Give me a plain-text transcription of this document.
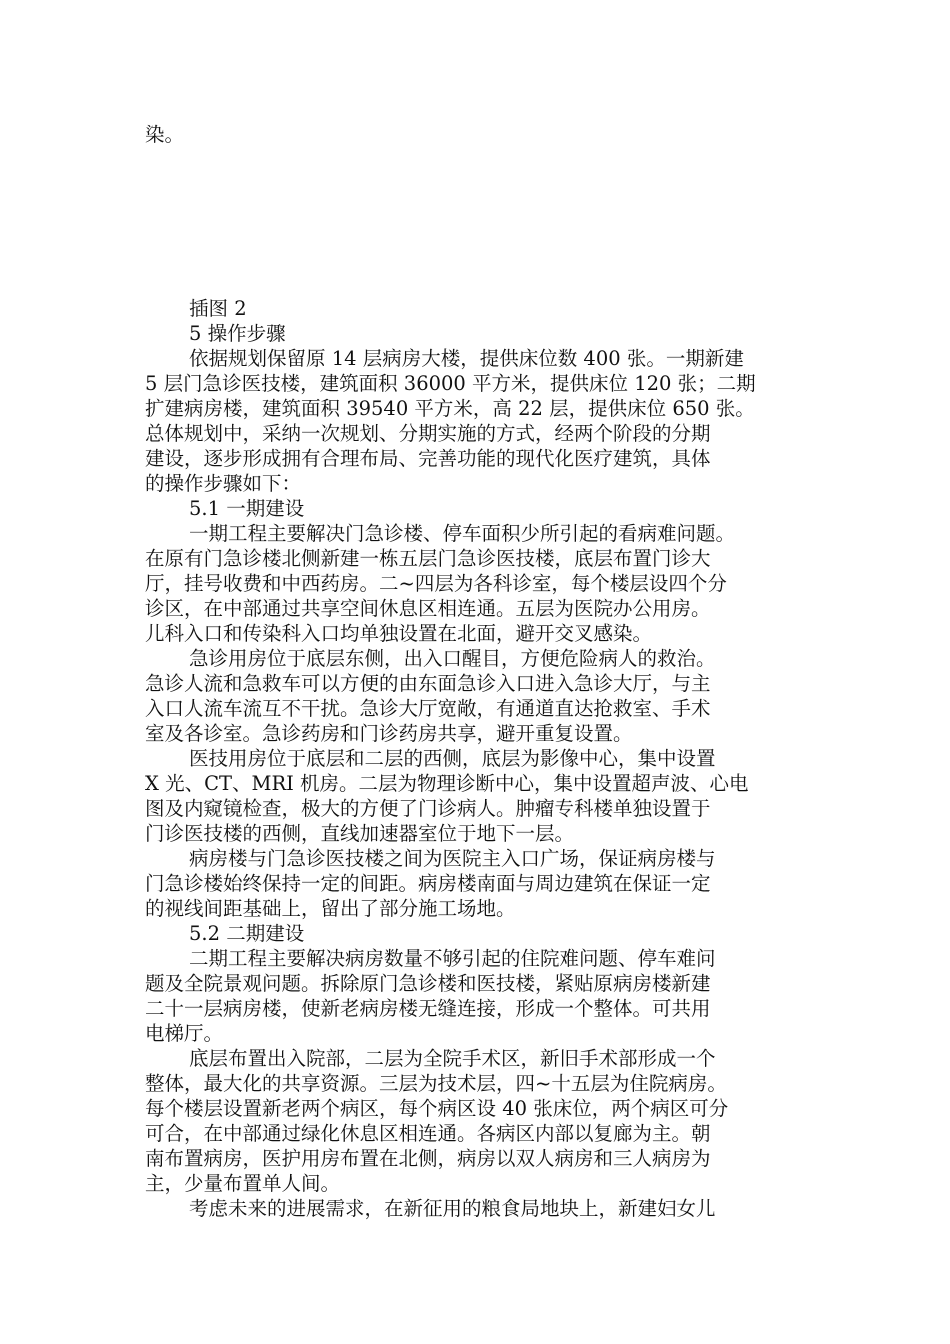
染。
插图 2
5 操作步骤
依据规划保留原 14 层病房大楼，提供床位数 400 张。一期新建
5 层门急诊医技楼，建筑面积 36000 平方米，提供床位 120 张；二期
扩建病房楼，建筑面积 39540 平方米，高 22 层，提供床位 650 张。
总体规划中，采纳一次规划、分期实施的方式，经两个阶段的分期
建设，逐步形成拥有合理布局、完善功能的现代化医疗建筑，具体
的操作步骤如下：
5.1 一期建设
一期工程主要解决门急诊楼、停车面积少所引起的看病难问题。
在原有门急诊楼北侧新建一栋五层门急诊医技楼，底层布置门诊大
厅，挂号收费和中西药房。二~四层为各科诊室，每个楼层设四个分
诊区，在中部通过共享空间休息区相连通。五层为医院办公用房。
儿科入口和传染科入口均单独设置在北面，避开交叉感染。
急诊用房位于底层东侧，出入口醒目，方便危险病人的救治。
急诊人流和急救车可以方便的由东面急诊入口进入急诊大厅，与主
入口人流车流互不干扰。急诊大厅宽敞，有通道直达抢救室、手术
室及各诊室。急诊药房和门诊药房共享，避开重复设置。
医技用房位于底层和二层的西侧，底层为影像中心，集中设置
X 光、CT、MRI 机房。二层为物理诊断中心，集中设置超声波、心电
图及内窥镜检查，极大的方便了门诊病人。肿瘤专科楼单独设置于
门诊医技楼的西侧，直线加速器室位于地下一层。
病房楼与门急诊医技楼之间为医院主入口广场，保证病房楼与
门急诊楼始终保持一定的间距。病房楼南面与周边建筑在保证一定
的视线间距基础上，留出了部分施工场地。
5.2 二期建设
二期工程主要解决病房数量不够引起的住院难问题、停车难问
题及全院景观问题。拆除原门急诊楼和医技楼，紧贴原病房楼新建
二十一层病房楼，使新老病房楼无缝连接，形成一个整体。可共用
电梯厅。
底层布置出入院部，二层为全院手术区，新旧手术部形成一个
整体，最大化的共享资源。三层为技术层，四~十五层为住院病房。
每个楼层设置新老两个病区，每个病区设 40 张床位，两个病区可分
可合，在中部通过绿化休息区相连通。各病区内部以复廊为主。朝
南布置病房，医护用房布置在北侧，病房以双人病房和三人病房为
主，少量布置单人间。
考虑未来的进展需求，在新征用的粮食局地块上，新建妇女儿
